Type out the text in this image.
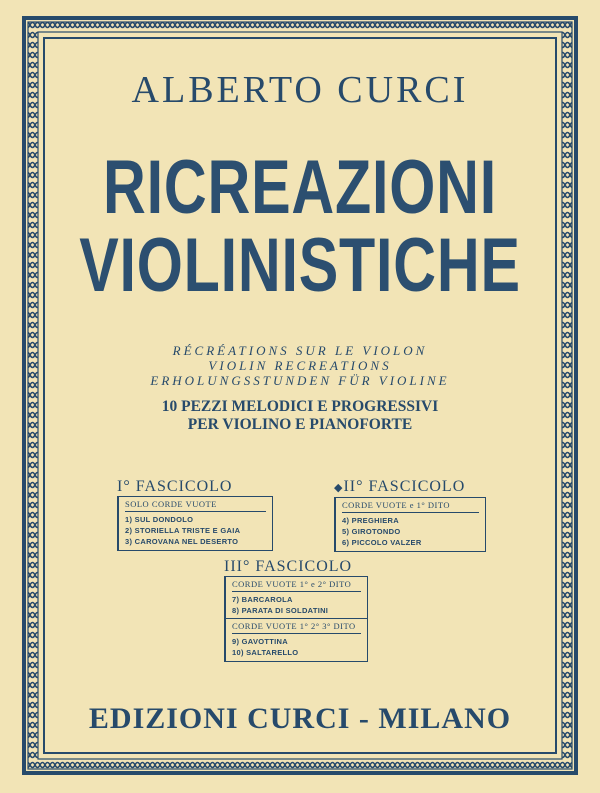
ALBERTO CURCI
RICREAZIONI
VIOLINISTICHE
RÉCRÉATIONS SUR LE VIOLON
VIOLIN RECREATIONS
ERHOLUNGSSTUNDEN FÜR VIOLINE
10 PEZZI MELODICI E PROGRESSIVI
PER VIOLINO E PIANOFORTE
I° FASCICOLO
SOLO CORDE VUOTE
1) SUL DONDOLO
2) STORIELLA TRISTE E GAIA
3) CAROVANA NEL DESERTO
◆II° FASCICOLO
CORDE VUOTE e 1° DITO
4) PREGHIERA
5) GIROTONDO
6) PICCOLO VALZER
III° FASCICOLO
CORDE VUOTE 1° e 2° DITO
7) BARCAROLA
8) PARATA DI SOLDATINI
CORDE VUOTE 1° 2° 3° DITO
9) GAVOTTINA
10) SALTARELLO
EDIZIONI CURCI - MILANO
